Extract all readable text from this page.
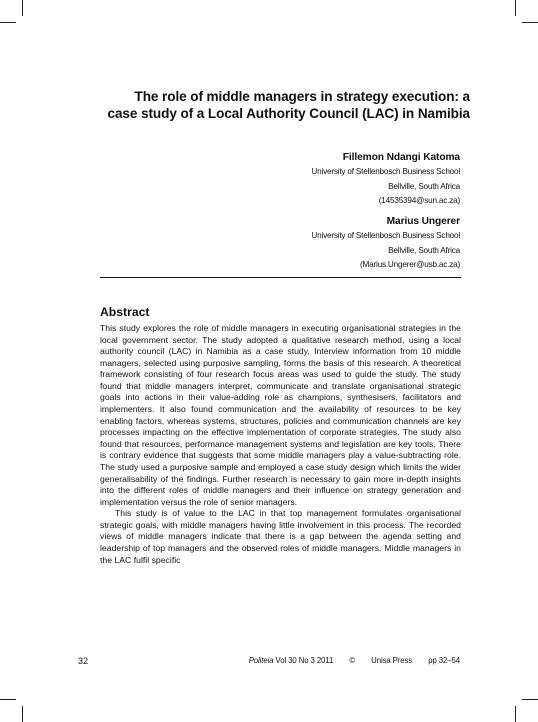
The role of middle managers in strategy execution: a
case study of a Local Authority Council (LAC) in Namibia
Fillemon Ndangi Katoma
University of Stellenbosch Business School
Bellville, South Africa
(14535394@sun.ac.za)
Marius Ungerer
University of Stellenbosch Business School
Bellville, South Africa
(Marius.Ungerer@usb.ac.za)
Abstract

This study explores the role of middle managers in executing organisational strategies in the local government sector. The study adopted a qualitative research method, using a local authority council (LAC) in Namibia as a case study. Interview information from 10 middle managers, selected using purposive sampling, forms the basis of this research. A theoretical framework consisting of four research focus areas was used to guide the study. The study found that middle managers interpret, communicate and translate organisational strategic goals into actions in their value-adding role as champions, synthesisers, facilitators and implementers. It also found communication and the availability of resources to be key enabling factors, whereas systems, structures, policies and communication channels are key processes impacting on the effective implementation of corporate strategies. The study also found that resources, performance management systems and legislation are key tools. There is contrary evidence that suggests that some middle managers play a value-subtracting role. The study used a purposive sample and employed a case study design which limits the wider generalisability of the findings. Further research is necessary to gain more in-depth insights into the different roles of middle managers and their influence on strategy generation and implementation versus the role of senior managers.

This study is of value to the LAC in that top management formulates organisational strategic goals, with middle managers having little involvement in this process. The recorded views of middle managers indicate that there is a gap between the agenda setting and leadership of top managers and the observed roles of middle managers. Middle managers in the LAC fulfil specific

32	Politeia Vol 30 No 3 2011 © Unisa Press pp 32–54
